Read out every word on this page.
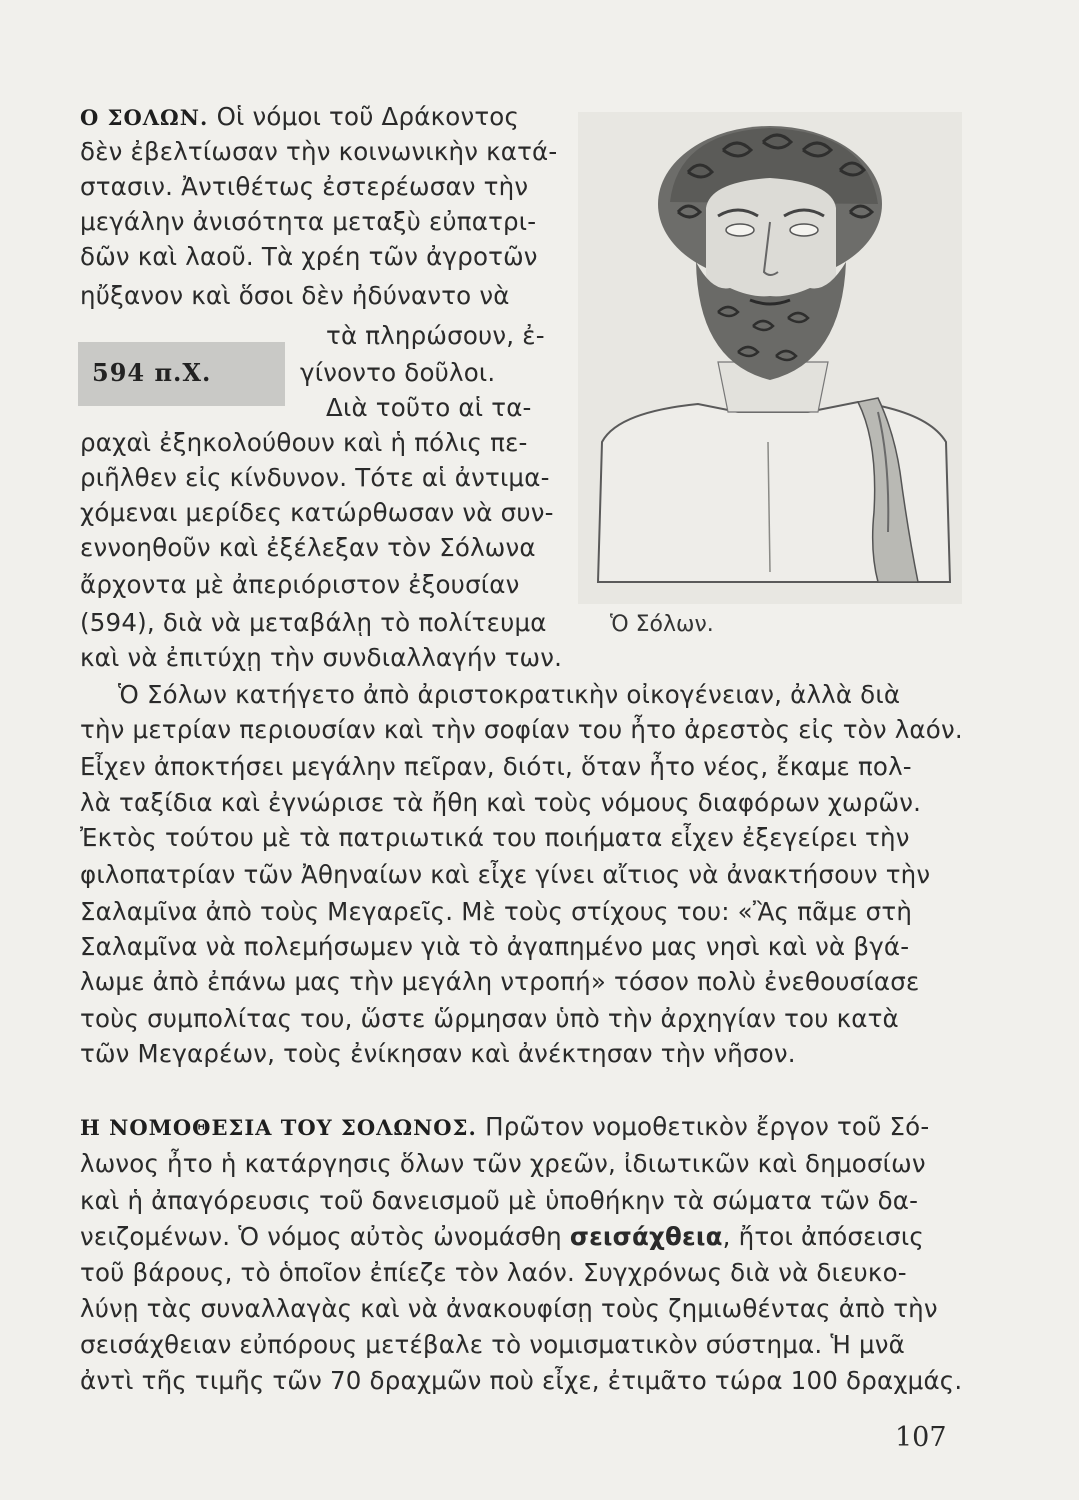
Ο ΣΟΛΩΝ. Οἱ νόμοι τοῦ Δράκοντος
δὲν ἐβελτίωσαν τὴν κοινωνικὴν κατά-
στασιν. Ἀντιθέτως ἐστερέωσαν τὴν
μεγάλην ἀνισότητα μεταξὺ εὐπατρι-
δῶν καὶ λαοῦ. Τὰ χρέη τῶν ἀγροτῶν
ηὔξανον καὶ ὅσοι δὲν ἠδύναντο νὰ
τὰ πληρώσουν, ἐ-
594 π.Χ.	γίνοντο δοῦλοι.
Διὰ τοῦτο αἱ τα-
ραχαὶ ἐξηκολούθουν καὶ ἡ πόλις πε-
ριῆλθεν εἰς κίνδυνον. Τότε αἱ ἀντιμα-
χόμεναι μερίδες κατώρθωσαν νὰ συν-
εννοηθοῦν καὶ ἐξέλεξαν τὸν Σόλωνα
ἄρχοντα μὲ ἀπεριόριστον ἐξουσίαν
(594), διὰ νὰ μεταβάλῃ τὸ πολίτευμα
καὶ νὰ ἐπιτύχῃ τὴν συνδιαλλαγήν των.
Ὁ Σόλων.
Ὁ Σόλων κατήγετο ἀπὸ ἀριστοκρατικὴν οἰκογένειαν, ἀλλὰ διὰ
τὴν μετρίαν περιουσίαν καὶ τὴν σοφίαν του ἦτο ἀρεστὸς εἰς τὸν λαόν.
Εἶχεν ἀποκτήσει μεγάλην πεῖραν, διότι, ὅταν ἦτο νέος, ἔκαμε πολ-
λὰ ταξίδια καὶ ἐγνώρισε τὰ ἤθη καὶ τοὺς νόμους διαφόρων χωρῶν.
Ἐκτὸς τούτου μὲ τὰ πατριωτικά του ποιήματα εἶχεν ἐξεγείρει τὴν
φιλοπατρίαν τῶν Ἀθηναίων καὶ εἶχε γίνει αἴτιος νὰ ἀνακτήσουν τὴν
Σαλαμῖνα ἀπὸ τοὺς Μεγαρεῖς. Μὲ τοὺς στίχους του: «Ἂς πᾶμε στὴ
Σαλαμῖνα νὰ πολεμήσωμεν γιὰ τὸ ἀγαπημένο μας νησὶ καὶ νὰ βγά-
λωμε ἀπὸ ἐπάνω μας τὴν μεγάλη ντροπή» τόσον πολὺ ἐνεθουσίασε
τοὺς συμπολίτας του, ὥστε ὥρμησαν ὑπὸ τὴν ἀρχηγίαν του κατὰ
τῶν Μεγαρέων, τοὺς ἐνίκησαν καὶ ἀνέκτησαν τὴν νῆσον.
Η ΝΟΜΟΘΕΣΙΑ ΤΟΥ ΣΟΛΩΝΟΣ. Πρῶτον νομοθετικὸν ἔργον τοῦ Σό-
λωνος ἦτο ἡ κατάργησις ὅλων τῶν χρεῶν, ἰδιωτικῶν καὶ δημοσίων
καὶ ἡ ἀπαγόρευσις τοῦ δανεισμοῦ μὲ ὑποθήκην τὰ σώματα τῶν δα-
νειζομένων. Ὁ νόμος αὐτὸς ὠνομάσθη σεισάχθεια, ἤτοι ἀπόσεισις
τοῦ βάρους, τὸ ὁποῖον ἐπίεζε τὸν λαόν. Συγχρόνως διὰ νὰ διευκο-
λύνῃ τὰς συναλλαγὰς καὶ νὰ ἀνακουφίσῃ τοὺς ζημιωθέντας ἀπὸ τὴν
σεισάχθειαν εὐπόρους μετέβαλε τὸ νομισματικὸν σύστημα. Ἡ μνᾶ
ἀντὶ τῆς τιμῆς τῶν 70 δραχμῶν ποὺ εἶχε, ἐτιμᾶτο τώρα 100 δραχμάς.
107
